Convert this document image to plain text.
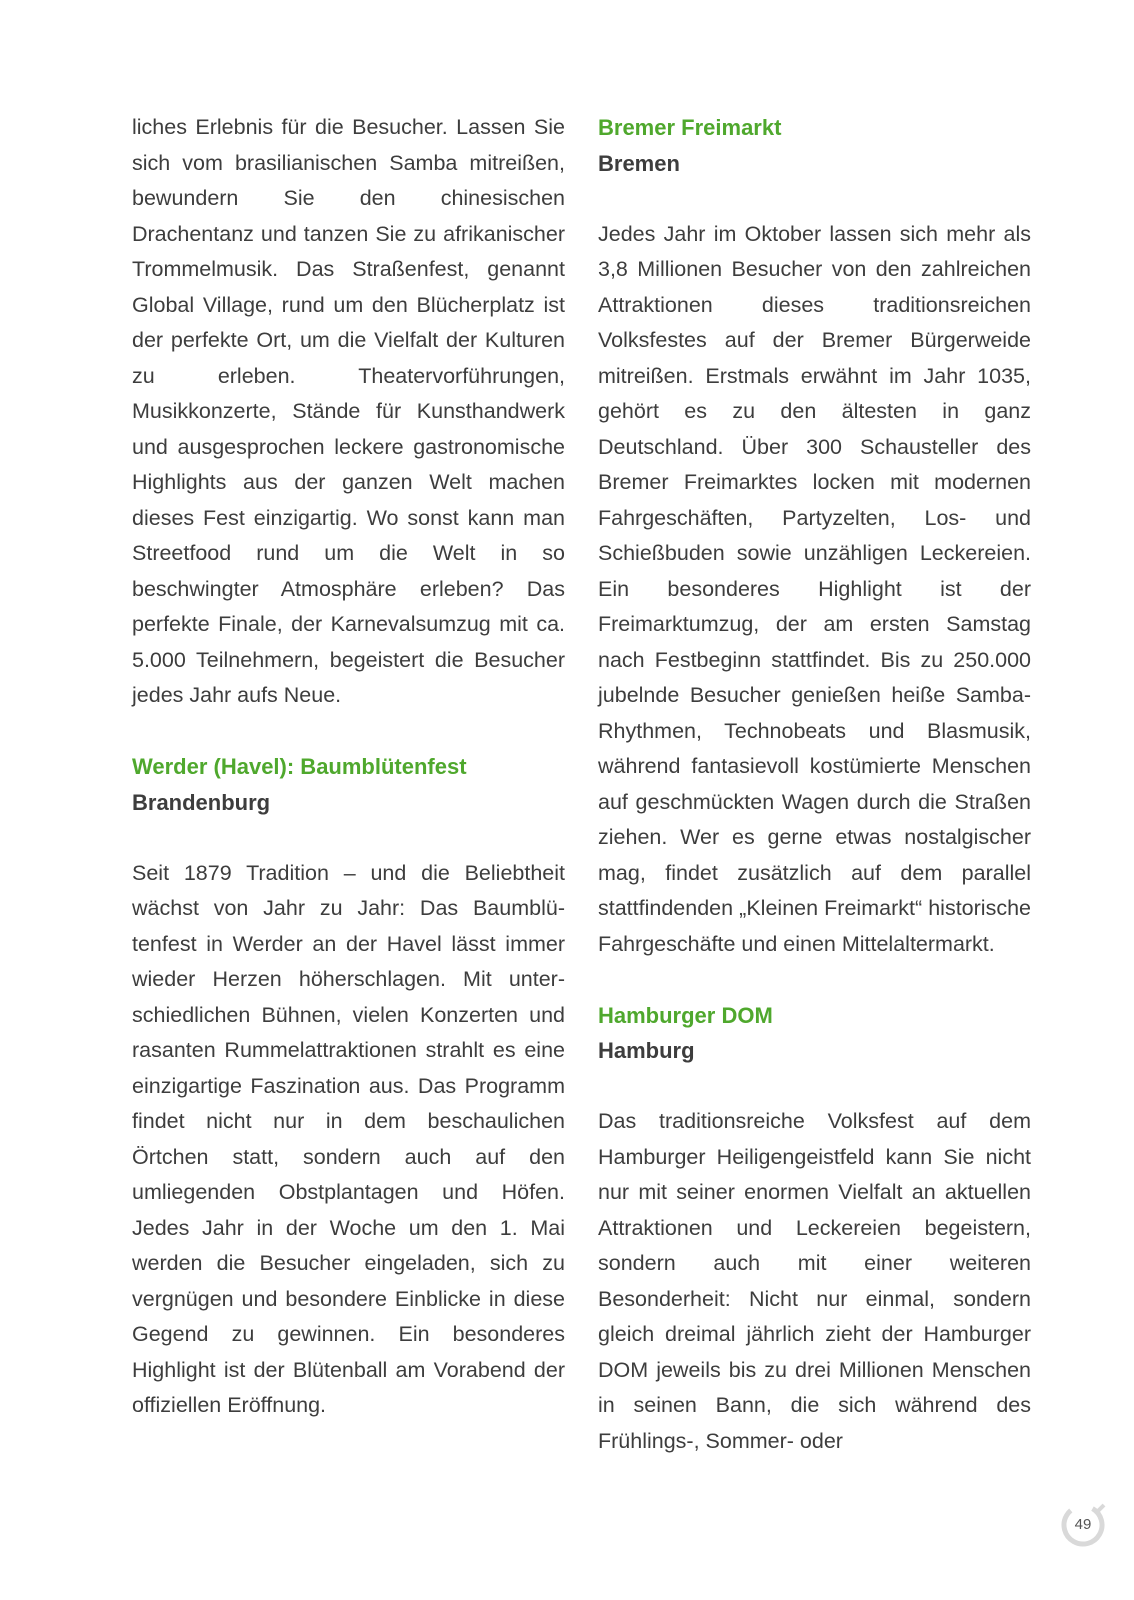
liches Erlebnis für die Besucher. Lassen Sie sich vom brasilianischen Samba mitreißen, bewundern Sie den chinesischen Drachentanz und tanzen Sie zu afrikanischer Trommelmusik. Das Straßenfest, genannt Global Village, rund um den Blücherplatz ist der perfekte Ort, um die Vielfalt der Kulturen zu erleben. Theatervorführungen, Musikkonzerte, Stände für Kunsthandwerk und ausgesprochen leckere gastronomische Highlights aus der ganzen Welt machen dieses Fest einzigartig. Wo sonst kann man Streetfood rund um die Welt in so beschwingter Atmosphäre erleben? Das perfekte Finale, der Karnevalsumzug mit ca. 5.000 Teilnehmern, begeistert die Besucher jedes Jahr aufs Neue.

Werder (Havel): Baumblütenfest

Brandenburg

Seit 1879 Tradition – und die Beliebtheit wächst von Jahr zu Jahr: Das Baumblütenfest in Werder an der Havel lässt immer wieder Herzen höherschlagen. Mit unterschiedlichen Bühnen, vielen Konzerten und rasanten Rummelattraktionen strahlt es eine einzigartige Faszination aus. Das Programm findet nicht nur in dem beschaulichen Örtchen statt, sondern auch auf den umliegenden Obstplantagen und Höfen. Jedes Jahr in der Woche um den 1. Mai werden die Besucher eingeladen, sich zu vergnügen und besondere Einblicke in diese Gegend zu gewinnen. Ein besonderes Highlight ist der Blütenball am Vorabend der offiziellen Eröffnung.

Bremer Freimarkt

Bremen

Jedes Jahr im Oktober lassen sich mehr als 3,8 Millionen Besucher von den zahlreichen Attraktionen dieses traditionsreichen Volksfestes auf der Bremer Bürgerweide mitreißen. Erstmals erwähnt im Jahr 1035, gehört es zu den ältesten in ganz Deutschland. Über 300 Schausteller des Bremer Freimarktes locken mit modernen Fahrgeschäften, Partyzelten, Los- und Schießbuden sowie unzähligen Leckereien. Ein besonderes Highlight ist der Freimarktumzug, der am ersten Samstag nach Festbeginn stattfindet. Bis zu 250.000 jubelnde Besucher genießen heiße Samba-Rhythmen, Technobeats und Blasmusik, während fantasievoll kostümierte Menschen auf geschmückten Wagen durch die Straßen ziehen. Wer es gerne etwas nostalgischer mag, findet zusätzlich auf dem parallel stattfindenden „Kleinen Freimarkt“ historische Fahrgeschäfte und einen Mittelaltermarkt.

Hamburger DOM

Hamburg

Das traditionsreiche Volksfest auf dem Hamburger Heiligengeistfeld kann Sie nicht nur mit seiner enormen Vielfalt an aktuellen Attraktionen und Leckereien begeistern, sondern auch mit einer weiteren Besonderheit: Nicht nur einmal, sondern gleich dreimal jährlich zieht der Hamburger DOM jeweils bis zu drei Millionen Menschen in seinen Bann, die sich während des Frühlings-, Sommer- oder

49
